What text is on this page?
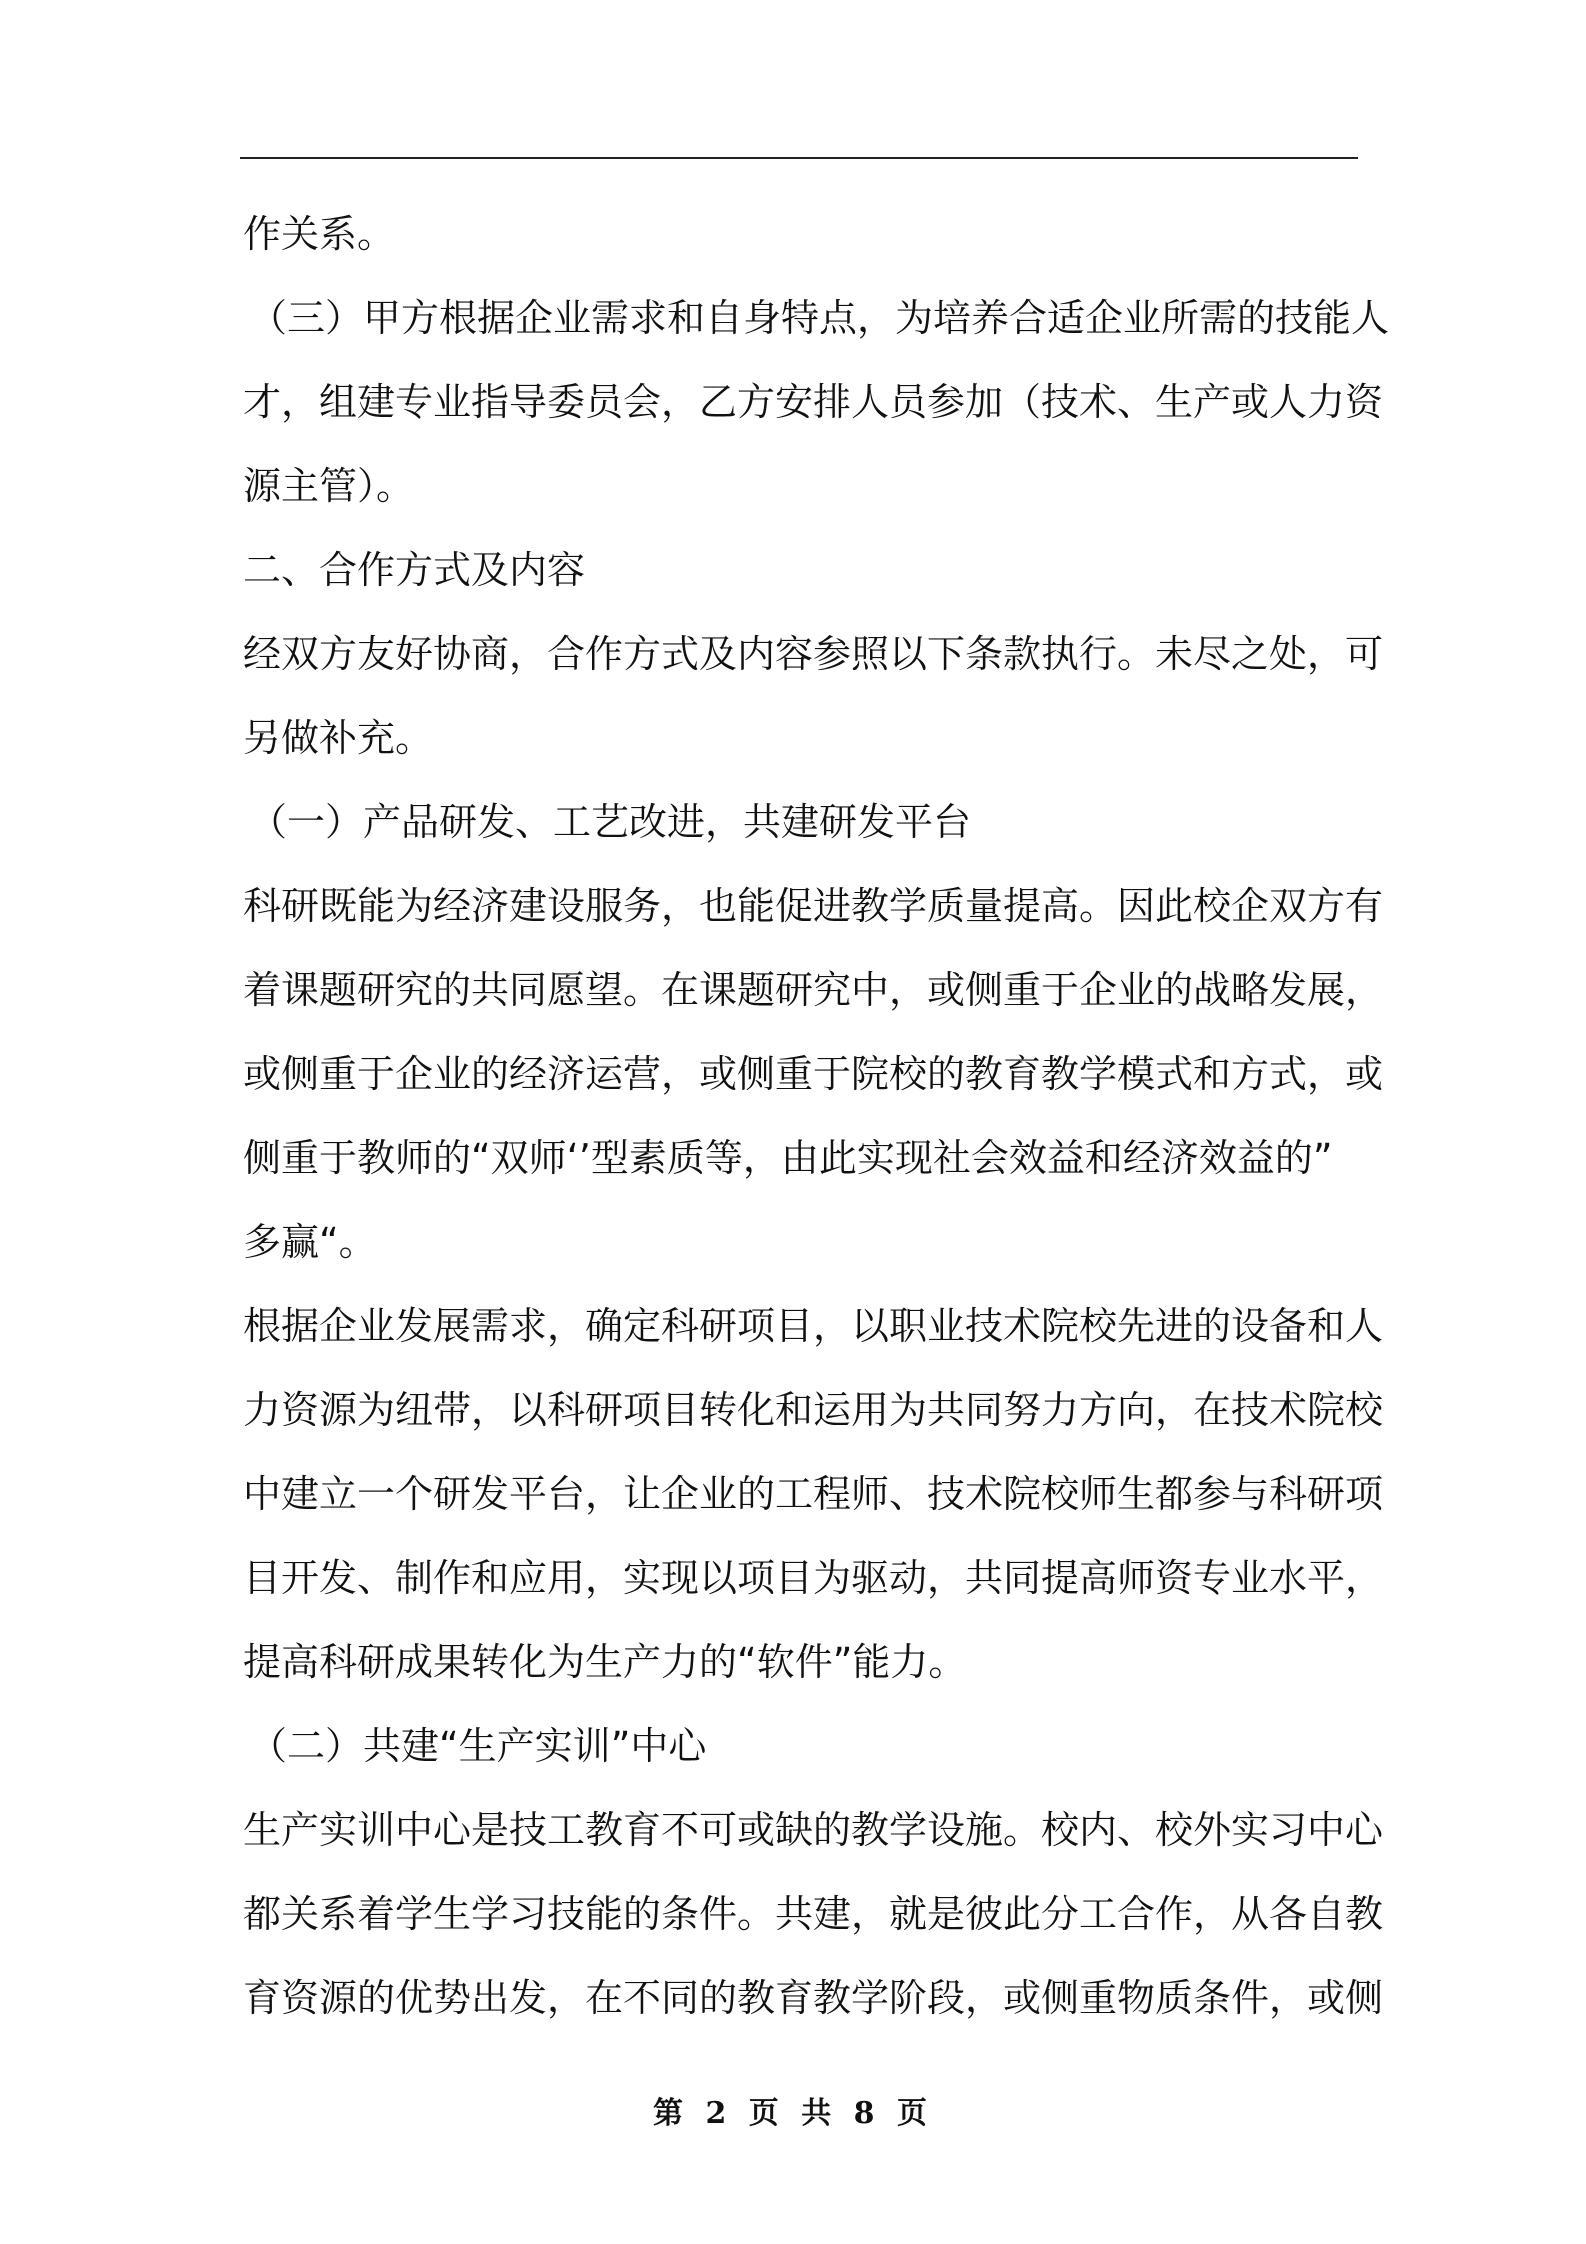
作关系。
（三）甲方根据企业需求和自身特点，为培养合适企业所需的技能人
才，组建专业指导委员会，乙方安排人员参加（技术、生产或人力资
源主管）。
二、合作方式及内容
经双方友好协商，合作方式及内容参照以下条款执行。未尽之处，可
另做补充。
（一）产品研发、工艺改进，共建研发平台
科研既能为经济建设服务，也能促进教学质量提高。因此校企双方有
着课题研究的共同愿望。在课题研究中，或侧重于企业的战略发展，
或侧重于企业的经济运营，或侧重于院校的教育教学模式和方式，或
侧重于教师的“双师‘’型素质等，由此实现社会效益和经济效益的”
多赢“。
根据企业发展需求，确定科研项目，以职业技术院校先进的设备和人
力资源为纽带，以科研项目转化和运用为共同努力方向，在技术院校
中建立一个研发平台，让企业的工程师、技术院校师生都参与科研项
目开发、制作和应用，实现以项目为驱动，共同提高师资专业水平，
提高科研成果转化为生产力的“软件”能力。
（二）共建“生产实训”中心
生产实训中心是技工教育不可或缺的教学设施。校内、校外实习中心
都关系着学生学习技能的条件。共建，就是彼此分工合作，从各自教
育资源的优势出发，在不同的教育教学阶段，或侧重物质条件，或侧
第 2 页 共 8 页
